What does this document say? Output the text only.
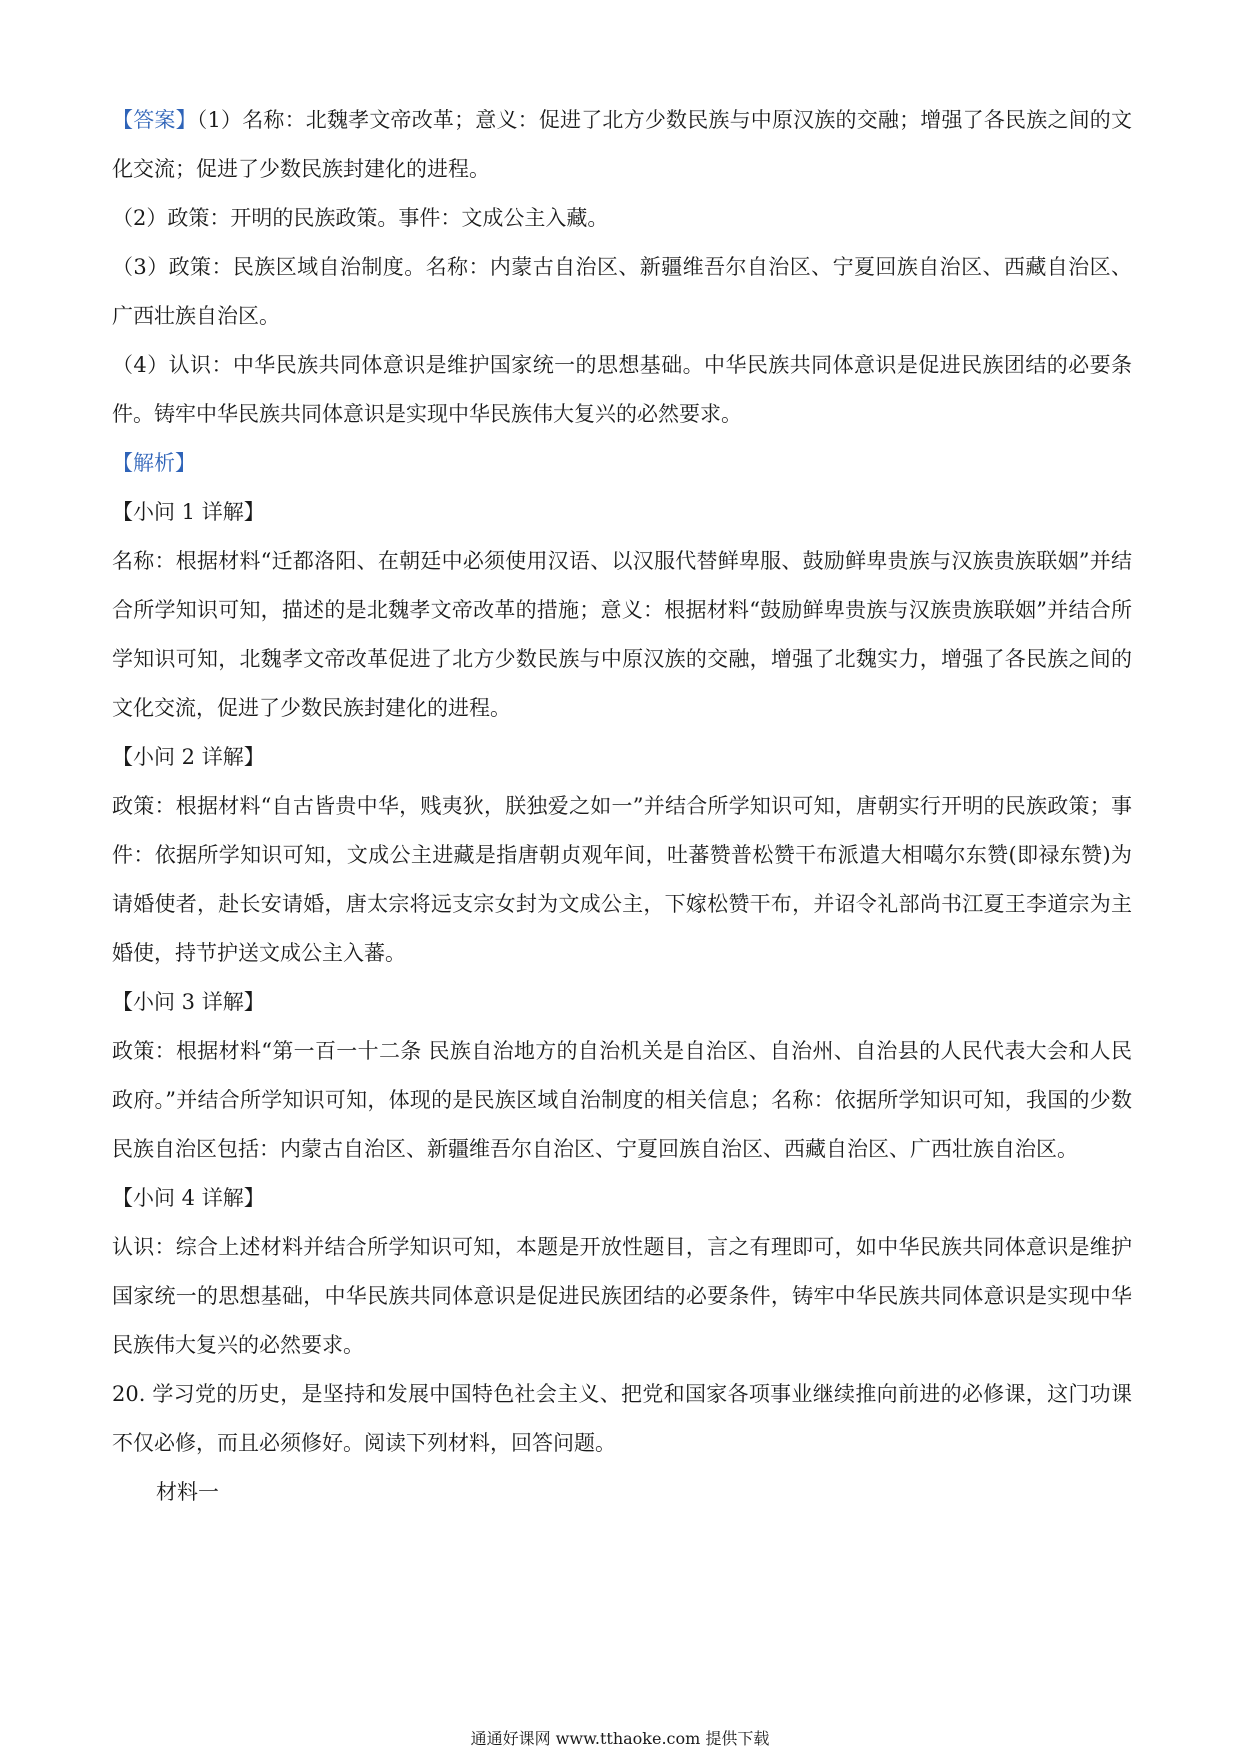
【答案】（1）名称：北魏孝文帝改革；意义：促进了北方少数民族与中原汉族的交融；增强了各民族之间的文化交流；促进了少数民族封建化的进程。

（2）政策：开明的民族政策。事件：文成公主入藏。

（3）政策：民族区域自治制度。名称：内蒙古自治区、新疆维吾尔自治区、宁夏回族自治区、西藏自治区、广西壮族自治区。

（4）认识：中华民族共同体意识是维护国家统一的思想基础。中华民族共同体意识是促进民族团结的必要条件。铸牢中华民族共同体意识是实现中华民族伟大复兴的必然要求。

【解析】

【小问 1 详解】

名称：根据材料“迁都洛阳、在朝廷中必须使用汉语、以汉服代替鲜卑服、鼓励鲜卑贵族与汉族贵族联姻”并结合所学知识可知，描述的是北魏孝文帝改革的措施；意义：根据材料“鼓励鲜卑贵族与汉族贵族联姻”并结合所学知识可知，北魏孝文帝改革促进了北方少数民族与中原汉族的交融，增强了北魏实力，增强了各民族之间的文化交流，促进了少数民族封建化的进程。

【小问 2 详解】

政策：根据材料“自古皆贵中华，贱夷狄，朕独爱之如一”并结合所学知识可知，唐朝实行开明的民族政策；事件：依据所学知识可知，文成公主进藏是指唐朝贞观年间，吐蕃赞普松赞干布派遣大相噶尔东赞(即禄东赞)为请婚使者，赴长安请婚，唐太宗将远支宗女封为文成公主，下嫁松赞干布，并诏令礼部尚书江夏王李道宗为主婚使，持节护送文成公主入蕃。

【小问 3 详解】

政策：根据材料“第一百一十二条 民族自治地方的自治机关是自治区、自治州、自治县的人民代表大会和人民政府。”并结合所学知识可知，体现的是民族区域自治制度的相关信息；名称：依据所学知识可知，我国的少数民族自治区包括：内蒙古自治区、新疆维吾尔自治区、宁夏回族自治区、西藏自治区、广西壮族自治区。

【小问 4 详解】

认识：综合上述材料并结合所学知识可知，本题是开放性题目，言之有理即可，如中华民族共同体意识是维护国家统一的思想基础，中华民族共同体意识是促进民族团结的必要条件，铸牢中华民族共同体意识是实现中华民族伟大复兴的必然要求。

20. 学习党的历史，是坚持和发展中国特色社会主义、把党和国家各项事业继续推向前进的必修课，这门功课不仅必修，而且必须修好。阅读下列材料，回答问题。

材料一

通通好课网 www.tthaoke.com 提供下载
